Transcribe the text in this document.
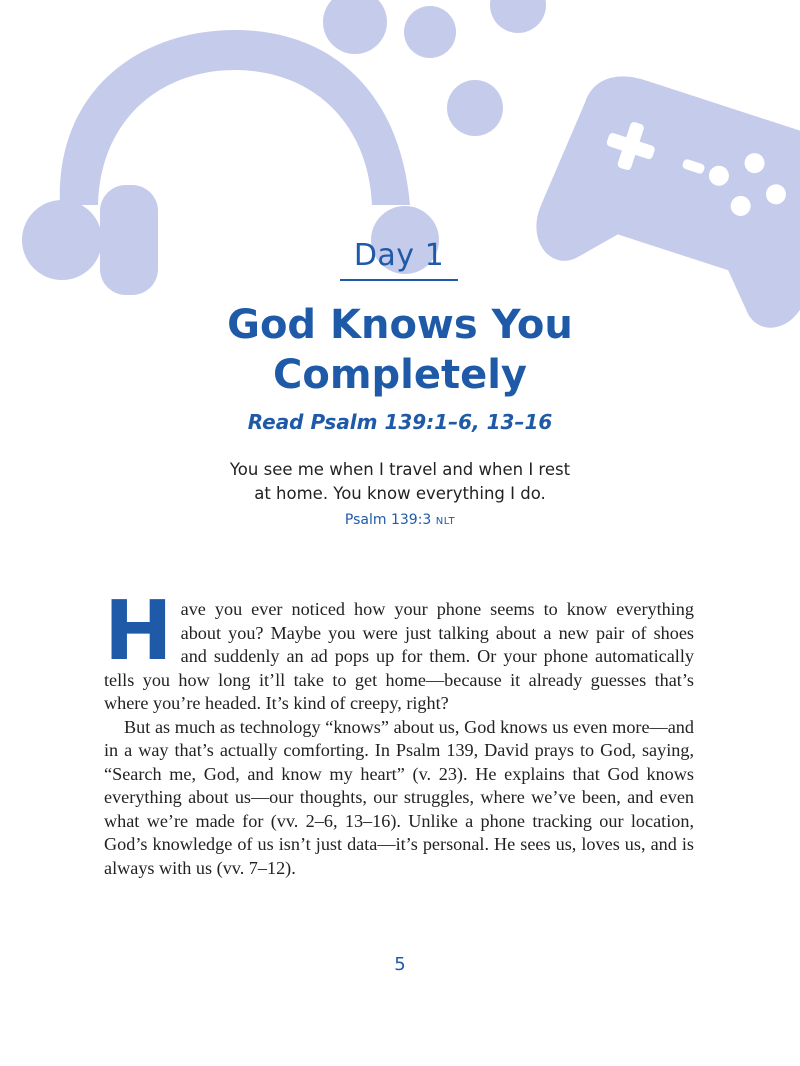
Day 1
God Knows You
Completely
Read Psalm 139:1–6, 13–16
You see me when I travel and when I rest
at home. You know everything I do.
Psalm 139:3 NLT

Have you ever noticed how your phone seems to know everything about you? Maybe you were just talking about a new pair of shoes and suddenly an ad pops up for them. Or your phone automatically tells you how long it’ll take to get home—because it already guesses that’s where you’re headed. It’s kind of creepy, right?

But as much as technology “knows” about us, God knows us even more—and in a way that’s actually comforting. In Psalm 139, David prays to God, saying, “Search me, God, and know my heart” (v. 23). He explains that God knows everything about us—our thoughts, our struggles, where we’ve been, and even what we’re made for (vv. 2–6, 13–16). Unlike a phone tracking our location, God’s knowledge of us isn’t just data—it’s personal. He sees us, loves us, and is always with us (vv. 7–12).

5
